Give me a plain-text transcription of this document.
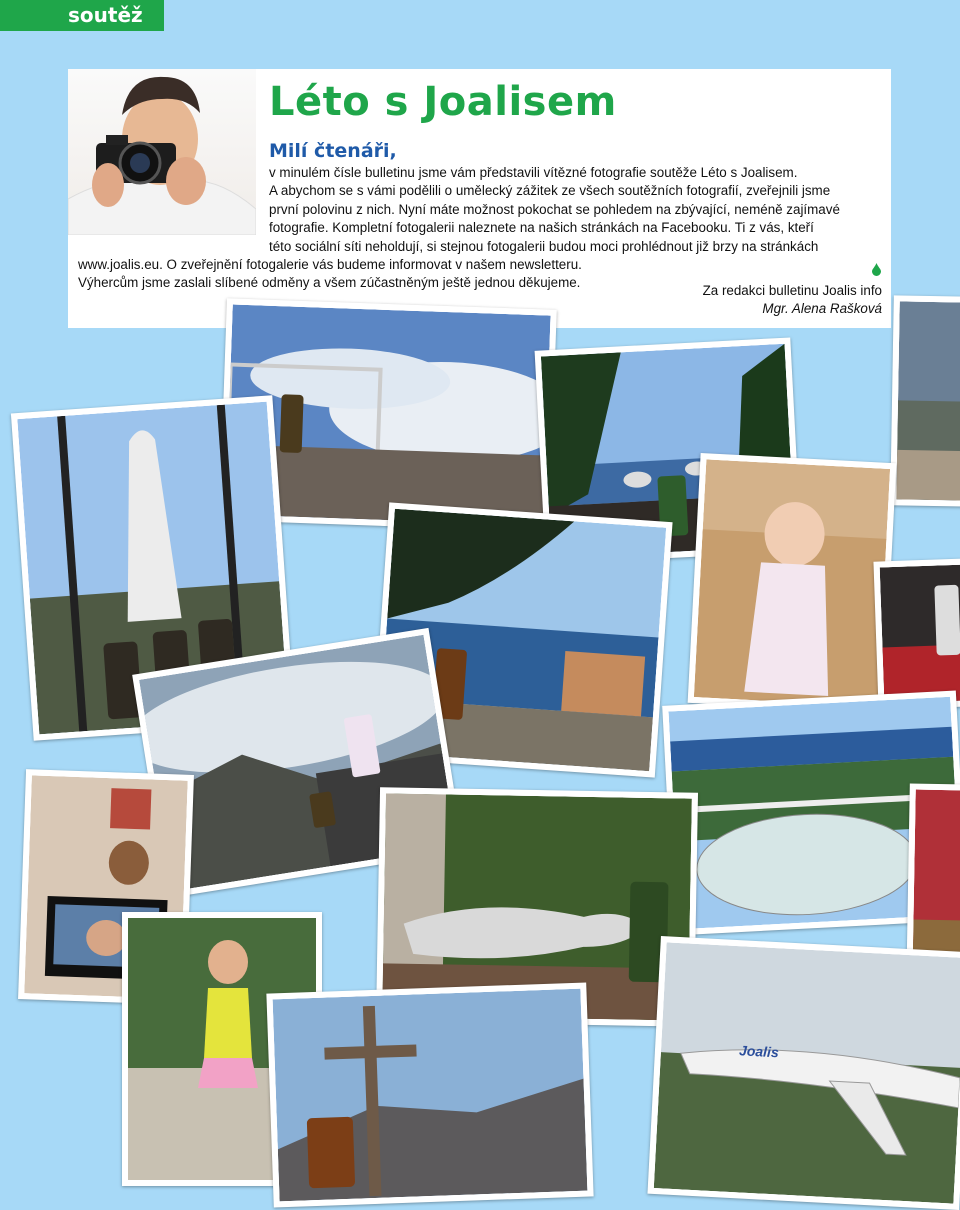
soutěž
Léto s Joalisem
Milí čtenáři,
v minulém čísle bulletinu jsme vám představili vítězné fotografie soutěže Léto s Joalisem.
A abychom se s vámi podělili o umělecký zážitek ze všech soutěžních fotografií, zveřejnili jsme
první polovinu z nich. Nyní máte možnost pokochat se pohledem na zbývající, neméně zajímavé
fotografie. Kompletní fotogalerii naleznete na našich stránkách na Facebooku. Ti z vás, kteří
této sociální síti neholdují, si stejnou fotogalerii budou moci prohlédnout již brzy na stránkách
www.joalis.eu. O zveřejnění fotogalerie vás budeme informovat v našem newsletteru.
Výhercům jsme zaslali slíbené odměny a všem zúčastněným ještě jednou děkujeme.
Za redakci bulletinu Joalis info
Mgr. Alena Rašková
Joalis
